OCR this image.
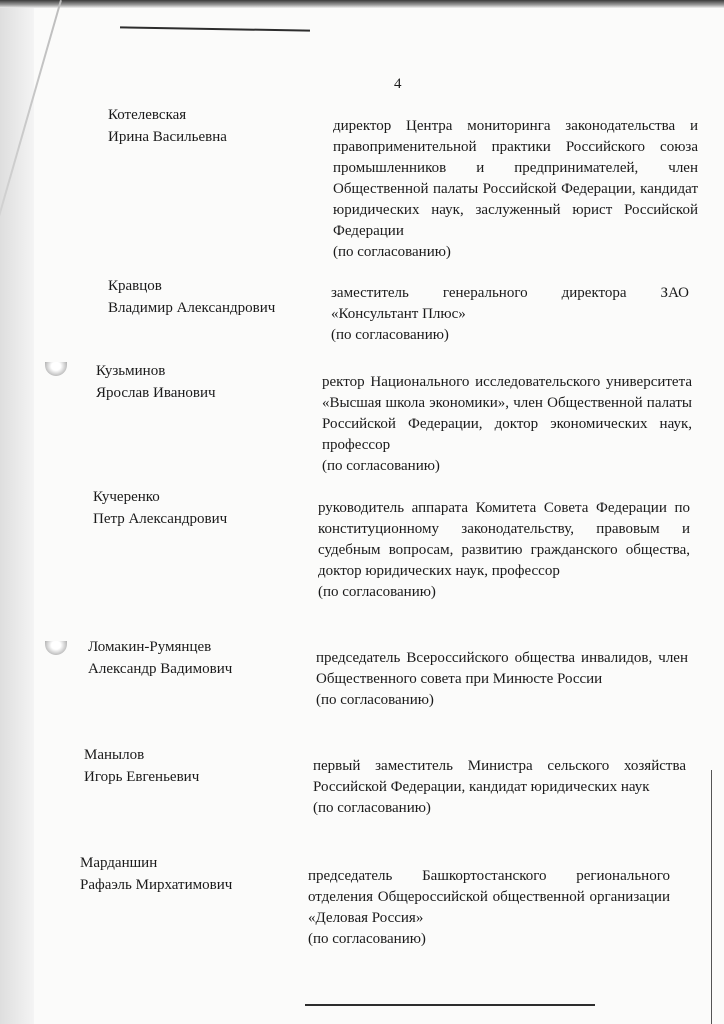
4
Котелевская
Ирина Васильевна
директор Центра мониторинга законодательства и правоприменительной практики Российского союза промышленников и предпринимателей, член Общественной палаты Российской Федерации, кандидат юридических наук, заслуженный юрист Российской Федерации
(по согласованию)
Кравцов
Владимир Александрович
заместитель генерального директора ЗАО «Консультант Плюс»
(по согласованию)
Кузьминов
Ярослав Иванович
ректор Национального исследовательского университета «Высшая школа экономики», член Общественной палаты Российской Федерации, доктор экономических наук, профессор
(по согласованию)
Кучеренко
Петр Александрович
руководитель аппарата Комитета Совета Федерации по конституционному законодательству, правовым и судебным вопросам, развитию гражданского общества, доктор юридических наук, профессор
(по согласованию)
Ломакин-Румянцев
Александр Вадимович
председатель Всероссийского общества инвалидов, член Общественного совета при Минюсте России
(по согласованию)
Манылов
Игорь Евгеньевич
первый заместитель Министра сельского хозяйства Российской Федерации, кандидат юридических наук
(по согласованию)
Марданшин
Рафаэль Мирхатимович
председатель Башкортостанского регионального отделения Общероссийской общественной организации «Деловая Россия»
(по согласованию)
